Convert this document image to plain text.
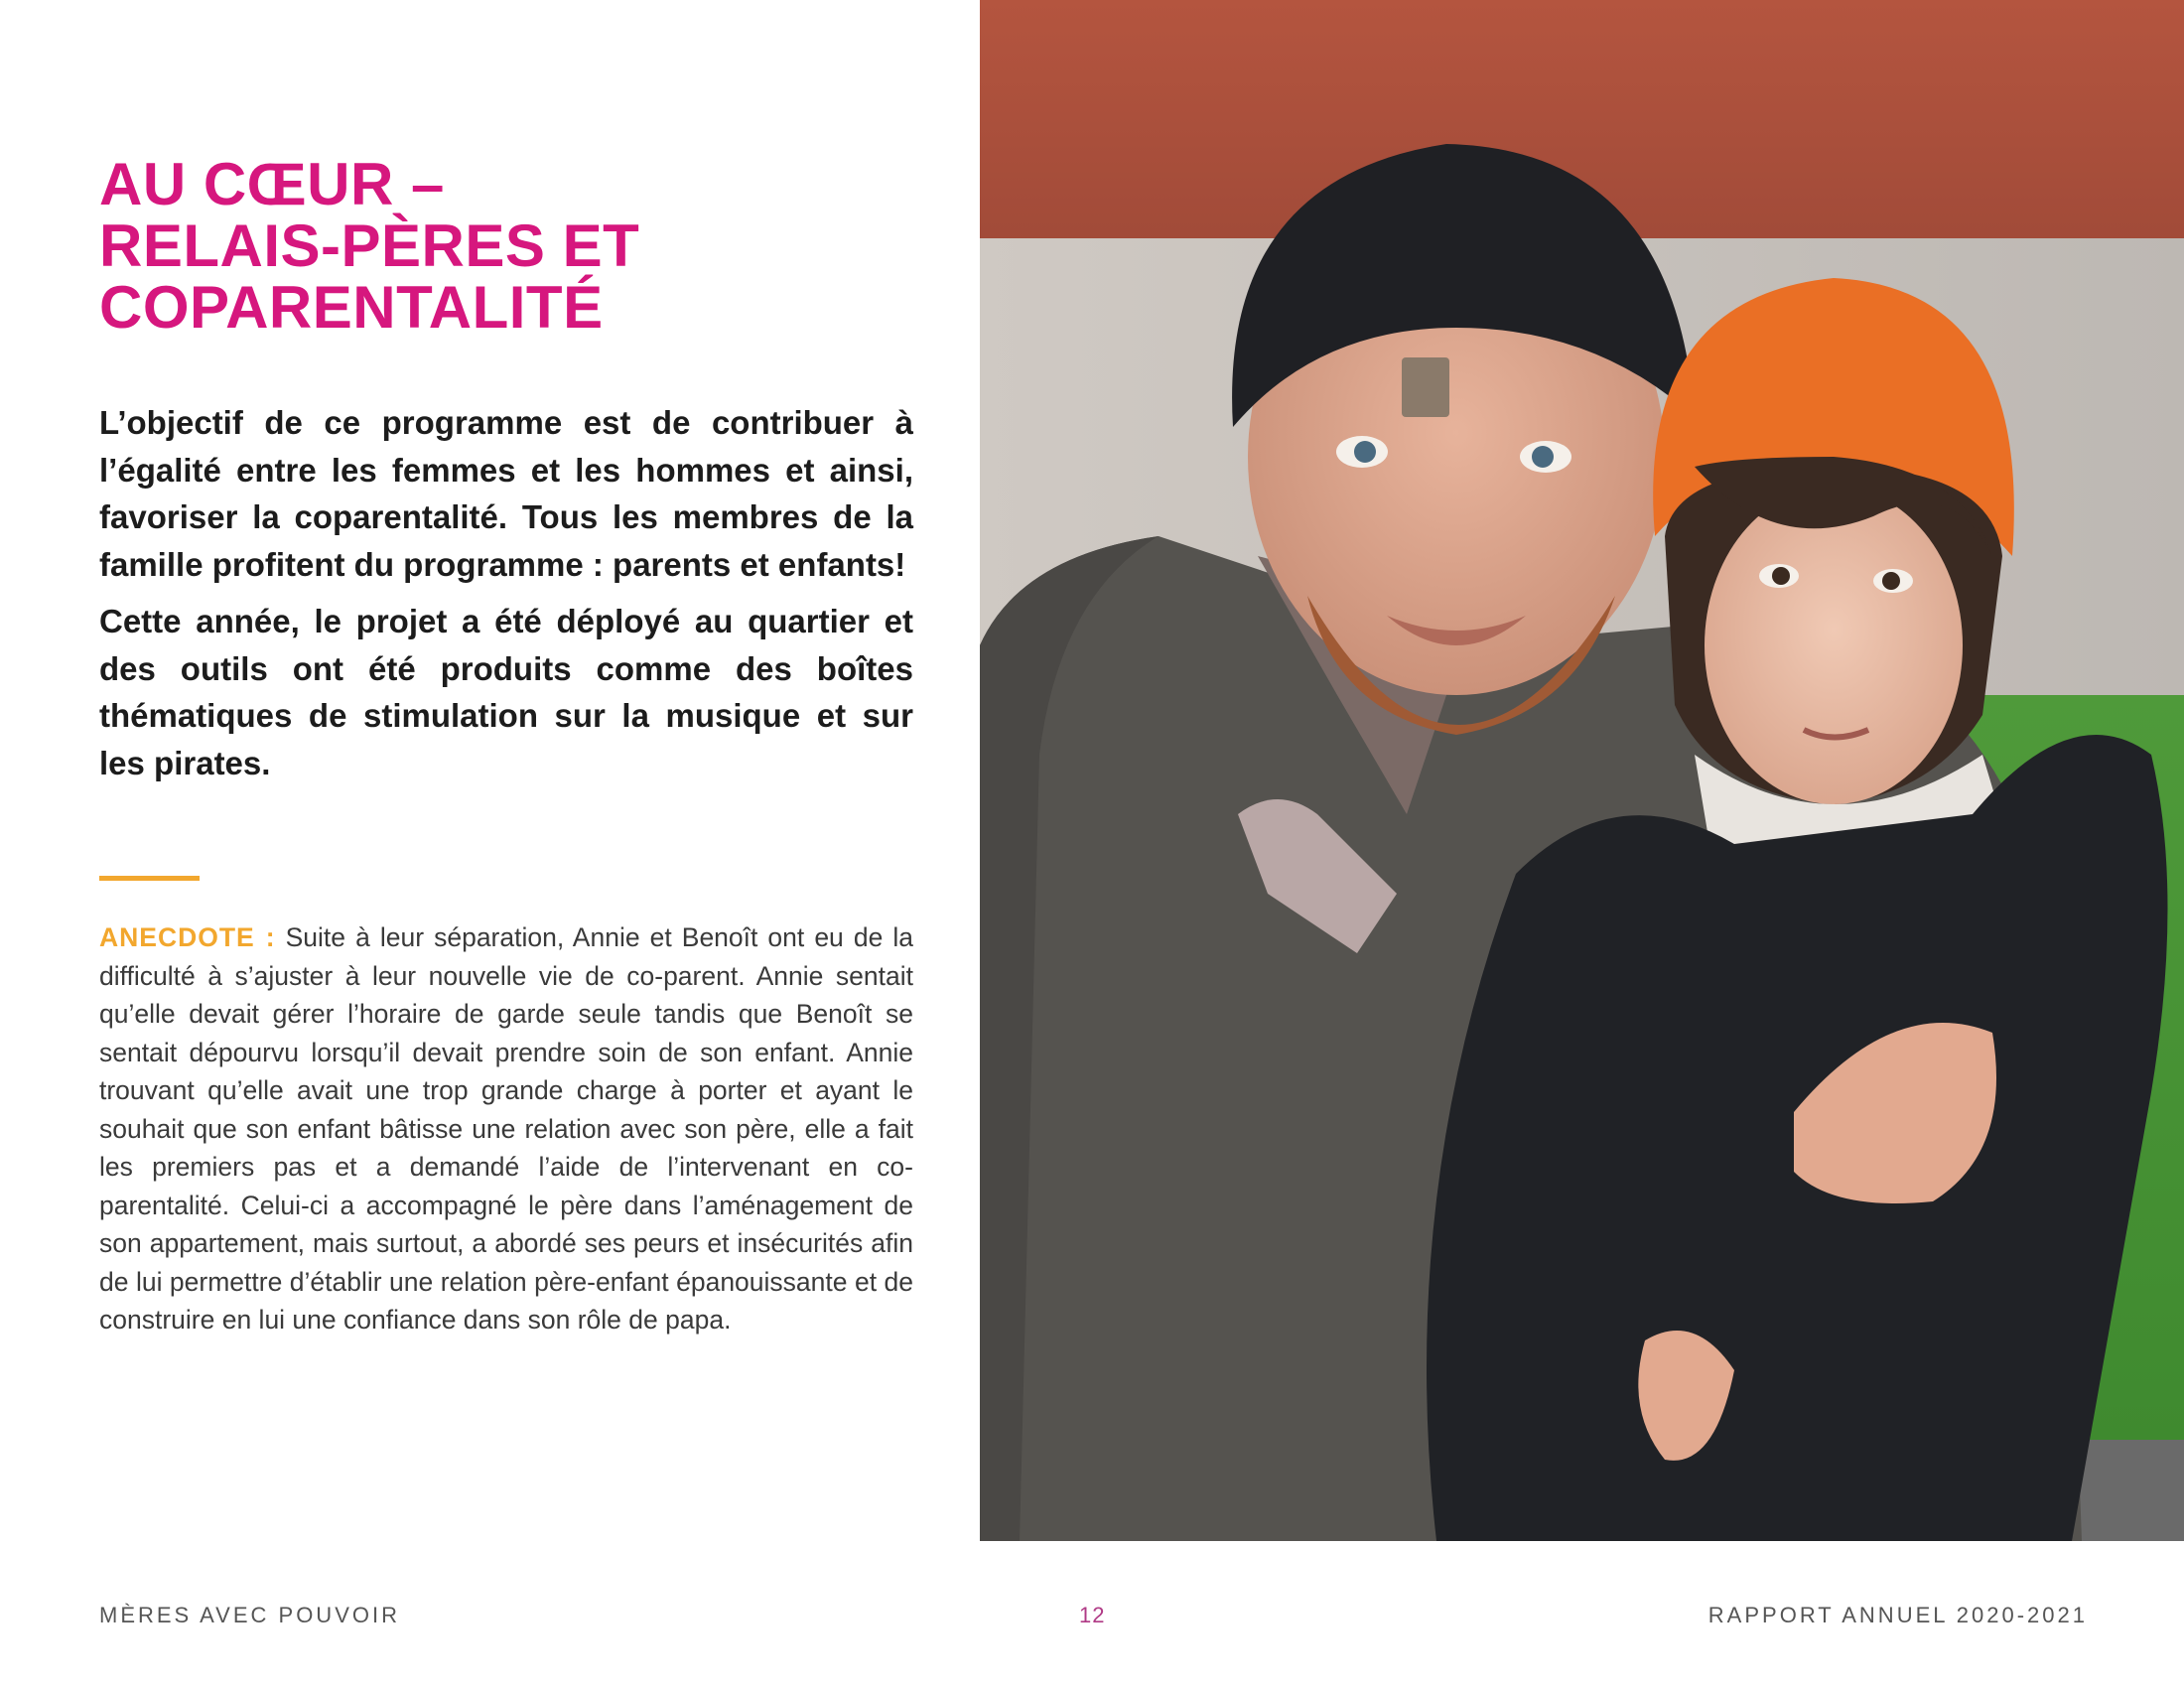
AU CŒUR –
RELAIS-PÈRES ET
COPARENTALITÉ

L’objectif de ce programme est de contribuer à l’égalité entre les femmes et les hommes et ainsi, favoriser la coparentalité. Tous les membres de la famille profitent du programme : parents et enfants!

Cette année, le projet a été déployé au quartier et des outils ont été produits comme des boîtes thématiques de stimulation sur la musique et sur les pirates.

ANECDOTE : Suite à leur séparation, Annie et Benoît ont eu de la difficulté à s’ajuster à leur nouvelle vie de co-parent. Annie sentait qu’elle devait gérer l’horaire de garde seule tandis que Benoît se sentait dépourvu lorsqu’il devait prendre soin de son enfant. Annie trouvant qu’elle avait une trop grande charge à porter et ayant le souhait que son enfant bâtisse une relation avec son père, elle a fait les premiers pas et a demandé l’aide de l’intervenant en co-parentalité. Celui-ci a accompagné le père dans l’aménagement de son appartement, mais surtout, a abordé ses peurs et insécurités afin de lui permettre d’établir une relation père-enfant épanouissante et de construire en lui une confiance dans son rôle de papa.

MÈRES AVEC POUVOIR	12	RAPPORT ANNUEL 2020-2021
